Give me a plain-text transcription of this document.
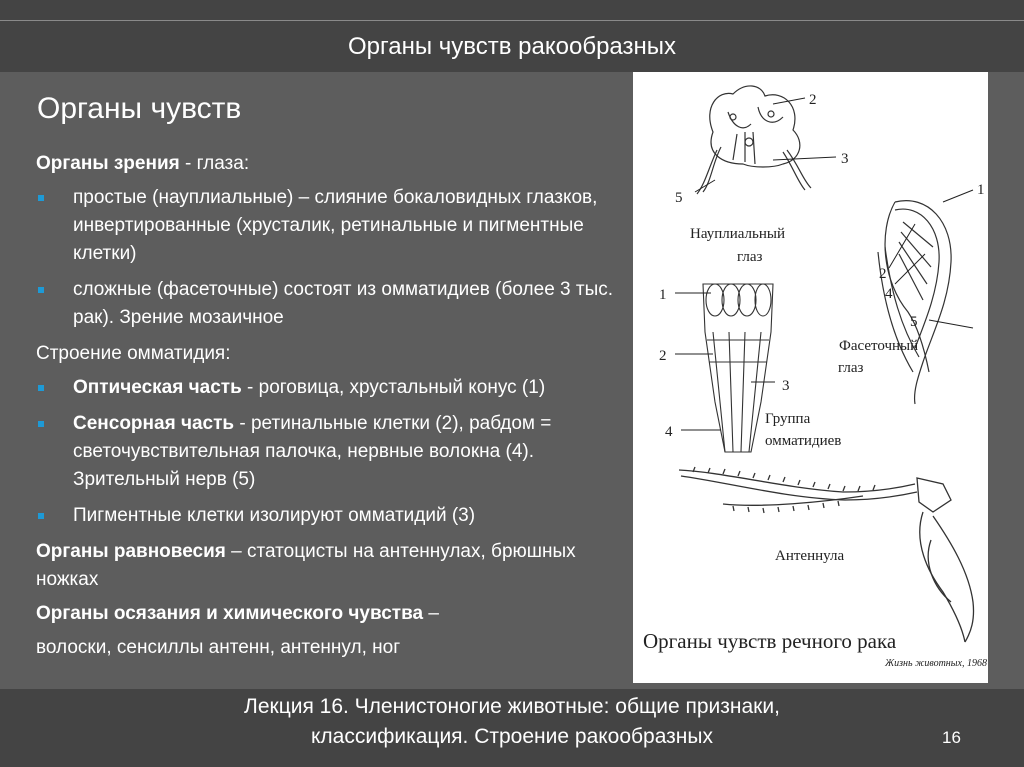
Органы чувств ракообразных
Органы чувств

Органы зрения - глаза:

простые (науплиальные) – слияние бокаловидных глазков, инвертированные (хрусталик, ретинальные и пигментные клетки)

сложные (фасеточные) состоят из омматидиев (более 3 тыс. рак). Зрение мозаичное

Строение омматидия:

Оптическая часть - роговица, хрустальный конус (1)

Сенсорная часть - ретинальные клетки (2), рабдом = светочувствительная палочка, нервные волокна (4). Зрительный нерв (5)

Пигментные клетки изолируют омматидий (3)

Органы равновесия – статоцисты на антеннулах, брюшных ножках

Органы осязания и химического чувства –

волоски, сенсиллы антенн, антеннул, ног

2
3
5
Науплиальный
глаз
1
2
4
5
Фасеточный
глаз
1
2
3
4
Группа
омматидиев
Антеннула
Органы чувств речного рака
Жизнь животных, 1968
Лекция 16. Членистоногие животные: общие признаки,
классификация. Строение ракообразных	16
